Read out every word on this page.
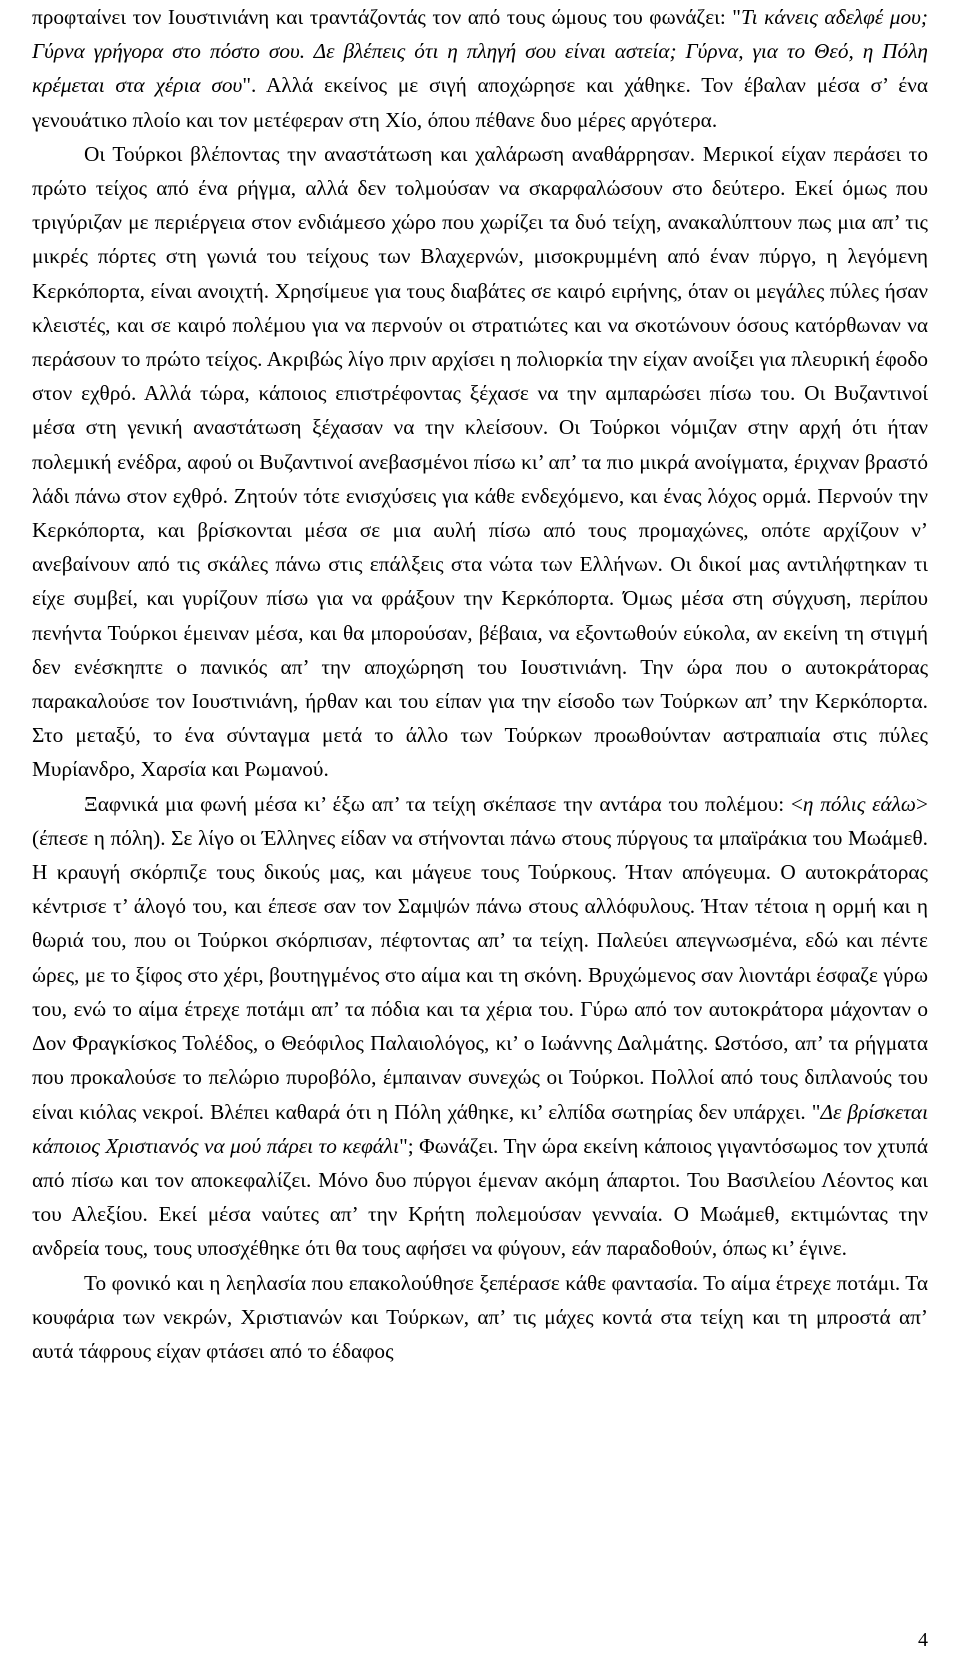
προφταίνει τον Ιουστινιάνη και τραντάζοντάς τον από τους ώμους του φωνάζει: "Τι κάνεις αδελφέ μου; Γύρνα γρήγορα στο πόστο σου. Δε βλέπεις ότι η πληγή σου είναι αστεία; Γύρνα, για το Θεό, η Πόλη κρέμεται στα χέρια σου". Αλλά εκείνος με σιγή αποχώρησε και χάθηκε. Τον έβαλαν μέσα σ’ ένα γενουάτικο πλοίο και τον μετέφεραν στη Χίο, όπου πέθανε δυο μέρες αργότερα.

Οι Τούρκοι βλέποντας την αναστάτωση και χαλάρωση αναθάρρησαν. Μερικοί είχαν περάσει το πρώτο τείχος από ένα ρήγμα, αλλά δεν τολμούσαν να σκαρφαλώσουν στο δεύτερο. Εκεί όμως που τριγύριζαν με περιέργεια στον ενδιάμεσο χώρο που χωρίζει τα δυό τείχη, ανακαλύπτουν πως μια απ’ τις μικρές πόρτες στη γωνιά του τείχους των Βλαχερνών, μισοκρυμμένη από έναν πύργο, η λεγόμενη Κερκόπορτα, είναι ανοιχτή. Χρησίμευε για τους διαβάτες σε καιρό ειρήνης, όταν οι μεγάλες πύλες ήσαν κλειστές, και σε καιρό πολέμου για να περνούν οι στρατιώτες και να σκοτώνουν όσους κατόρθωναν να περάσουν το πρώτο τείχος. Ακριβώς λίγο πριν αρχίσει η πολιορκία την είχαν ανοίξει για πλευρική έφοδο στον εχθρό. Αλλά τώρα, κάποιος επιστρέφοντας ξέχασε να την αμπαρώσει πίσω του. Οι Βυζαντινοί μέσα στη γενική αναστάτωση ξέχασαν να την κλείσουν. Οι Τούρκοι νόμιζαν στην αρχή ότι ήταν πολεμική ενέδρα, αφού οι Βυζαντινοί ανεβασμένοι πίσω κι’ απ’ τα πιο μικρά ανοίγματα, έριχναν βραστό λάδι πάνω στον εχθρό. Ζητούν τότε ενισχύσεις για κάθε ενδεχόμενο, και ένας λόχος ορμά. Περνούν την Κερκόπορτα, και βρίσκονται μέσα σε μια αυλή πίσω από τους προμαχώνες, οπότε αρχίζουν ν’ ανεβαίνουν από τις σκάλες πάνω στις επάλξεις στα νώτα των Ελλήνων. Οι δικοί μας αντιλήφτηκαν τι είχε συμβεί, και γυρίζουν πίσω για να φράξουν την Κερκόπορτα. Όμως μέσα στη σύγχυση, περίπου πενήντα Τούρκοι έμειναν μέσα, και θα μπορούσαν, βέβαια, να εξοντωθούν εύκολα, αν εκείνη τη στιγμή δεν ενέσκηπτε ο πανικός απ’ την αποχώρηση του Ιουστινιάνη. Την ώρα που ο αυτοκράτορας παρακαλούσε τον Ιουστινιάνη, ήρθαν και του είπαν για την είσοδο των Τούρκων απ’ την Κερκόπορτα. Στο μεταξύ, το ένα σύνταγμα μετά το άλλο των Τούρκων προωθούνταν αστραπιαία στις πύλες Μυρίανδρο, Χαρσία και Ρωμανού.

Ξαφνικά μια φωνή μέσα κι’ έξω απ’ τα τείχη σκέπασε την αντάρα του πολέμου: <η πόλις εάλω> (έπεσε η πόλη). Σε λίγο οι Έλληνες είδαν να στήνονται πάνω στους πύργους τα μπαϊράκια του Μωάμεθ. Η κραυγή σκόρπιζε τους δικούς μας, και μάγευε τους Τούρκους. Ήταν απόγευμα. Ο αυτοκράτορας κέντρισε τ’ άλογό του, και έπεσε σαν τον Σαμψών πάνω στους αλλόφυλους. Ήταν τέτοια η ορμή και η θωριά του, που οι Τούρκοι σκόρπισαν, πέφτοντας απ’ τα τείχη. Παλεύει απεγνωσμένα, εδώ και πέντε ώρες, με το ξίφος στο χέρι, βουτηγμένος στο αίμα και τη σκόνη. Βρυχώμενος σαν λιοντάρι έσφαζε γύρω του, ενώ το αίμα έτρεχε ποτάμι απ’ τα πόδια και τα χέρια του. Γύρω από τον αυτοκράτορα μάχονταν ο Δον Φραγκίσκος Τολέδος, ο Θεόφιλος Παλαιολόγος, κι’ ο Ιωάννης Δαλμάτης. Ωστόσο, απ’ τα ρήγματα που προκαλούσε το πελώριο πυροβόλο, έμπαιναν συνεχώς οι Τούρκοι. Πολλοί από τους διπλανούς του είναι κιόλας νεκροί. Βλέπει καθαρά ότι η Πόλη χάθηκε, κι’ ελπίδα σωτηρίας δεν υπάρχει. "Δε βρίσκεται κάποιος Χριστιανός να μού πάρει το κεφάλι"; Φωνάζει. Την ώρα εκείνη κάποιος γιγαντόσωμος τον χτυπά από πίσω και τον αποκεφαλίζει. Μόνο δυο πύργοι έμεναν ακόμη άπαρτοι. Του Βασιλείου Λέοντος και του Αλεξίου. Εκεί μέσα ναύτες απ’ την Κρήτη πολεμούσαν γενναία. Ο Μωάμεθ, εκτιμώντας την ανδρεία τους, τους υποσχέθηκε ότι θα τους αφήσει να φύγουν, εάν παραδοθούν, όπως κι’ έγινε.

Το φονικό και η λεηλασία που επακολούθησε ξεπέρασε κάθε φαντασία. Το αίμα έτρεχε ποτάμι. Τα κουφάρια των νεκρών, Χριστιανών και Τούρκων, απ’ τις μάχες κοντά στα τείχη και τη μπροστά απ’ αυτά τάφρους είχαν φτάσει από το έδαφος

4
